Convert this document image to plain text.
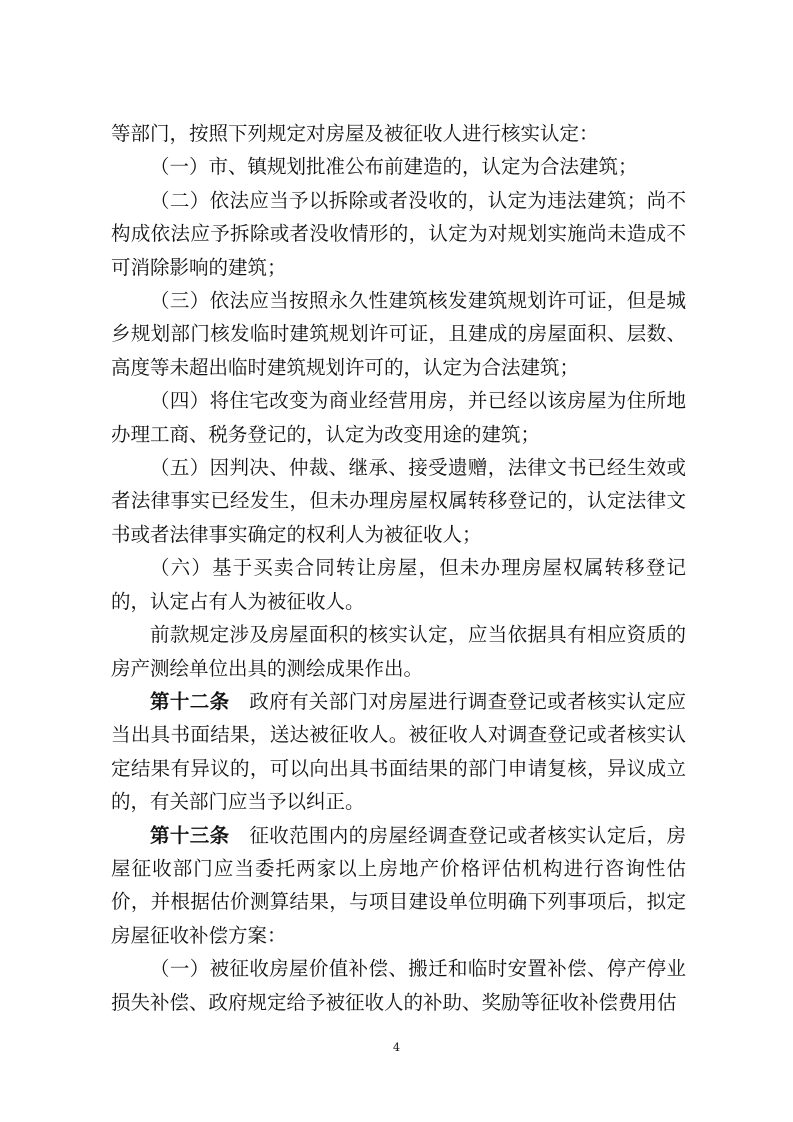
等部门，按照下列规定对房屋及被征收人进行核实认定：

（一）市、镇规划批准公布前建造的，认定为合法建筑；

（二）依法应当予以拆除或者没收的，认定为违法建筑；尚不构成依法应予拆除或者没收情形的，认定为对规划实施尚未造成不可消除影响的建筑；

（三）依法应当按照永久性建筑核发建筑规划许可证，但是城乡规划部门核发临时建筑规划许可证，且建成的房屋面积、层数、高度等未超出临时建筑规划许可的，认定为合法建筑；

（四）将住宅改变为商业经营用房，并已经以该房屋为住所地办理工商、税务登记的，认定为改变用途的建筑；

（五）因判决、仲裁、继承、接受遗赠，法律文书已经生效或者法律事实已经发生，但未办理房屋权属转移登记的，认定法律文书或者法律事实确定的权利人为被征收人；

（六）基于买卖合同转让房屋，但未办理房屋权属转移登记的，认定占有人为被征收人。

前款规定涉及房屋面积的核实认定，应当依据具有相应资质的房产测绘单位出具的测绘成果作出。

第十二条　 政府有关部门对房屋进行调查登记或者核实认定应当出具书面结果，送达被征收人。被征收人对调查登记或者核实认定结果有异议的，可以向出具书面结果的部门申请复核，异议成立的，有关部门应当予以纠正。

第十三条　 征收范围内的房屋经调查登记或者核实认定后，房屋征收部门应当委托两家以上房地产价格评估机构进行咨询性估价，并根据估价测算结果，与项目建设单位明确下列事项后，拟定房屋征收补偿方案：

（一）被征收房屋价值补偿、搬迁和临时安置补偿、停产停业损失补偿、政府规定给予被征收人的补助、奖励等征收补偿费用估

4
